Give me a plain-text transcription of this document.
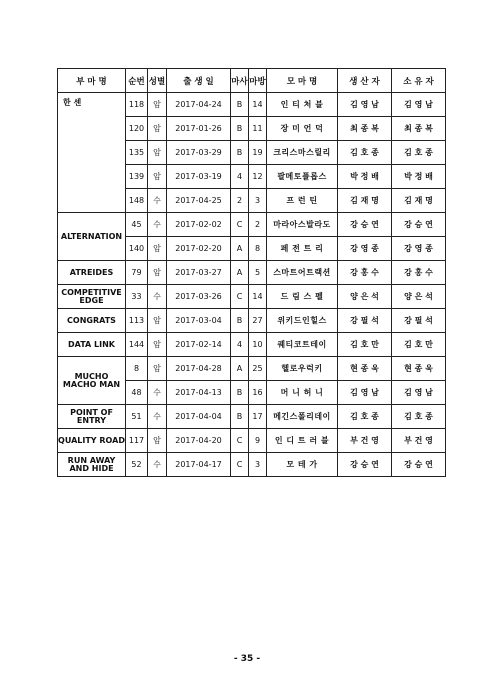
부 마 명	순번	성별	출 생 일	마사	마방	모 마 명	생 산 자	소 유 자
한 센	118	암	2017-04-24	B	14	인 티 처 블	김 영 남	김 영 남
	120	암	2017-01-26	B	11	장 미 언 덕	최 종 복	최 종 복
	135	암	2017-03-29	B	19	크리스마스릴리	김 호 종	김 호 종
	139	암	2017-03-19	4	12	팔메토플롭스	박 정 배	박 정 배
	148	수	2017-04-25	2	3	프 런 틴	김 재 명	김 재 명
ALTERNATION	45	수	2017-02-02	C	2	마라아스발라도	강 승 연	강 승 연
	140	암	2017-02-20	A	8	페 전 트 리	강 영 종	강 영 종
ATREIDES	79	암	2017-03-27	A	5	스마트어트랙션	강 홍 수	강 홍 수
COMPETITIVE EDGE	33	수	2017-03-26	C	14	드 림 스 펠	양 은 석	양 은 석
CONGRATS	113	암	2017-03-04	B	27	위키드인힐스	강 필 석	강 필 석
DATA LINK	144	암	2017-02-14	4	10	퀘티코트테이	김 호 만	김 호 만
MUCHO MACHO MAN	8	암	2017-04-28	A	25	헬로우럭키	현 종 욱	현 종 욱
	48	수	2017-04-13	B	16	머 니 허 니	김 영 남	김 영 남
POINT OF ENTRY	51	수	2017-04-04	B	17	메긴스폴리데이	김 호 종	김 호 종
QUALITY ROAD	117	암	2017-04-20	C	9	인 디 트 러 블	부 건 영	부 건 영
RUN AWAY AND HIDE	52	수	2017-04-17	C	3	모 테 가	강 승 연	강 승 연
- 35 -
